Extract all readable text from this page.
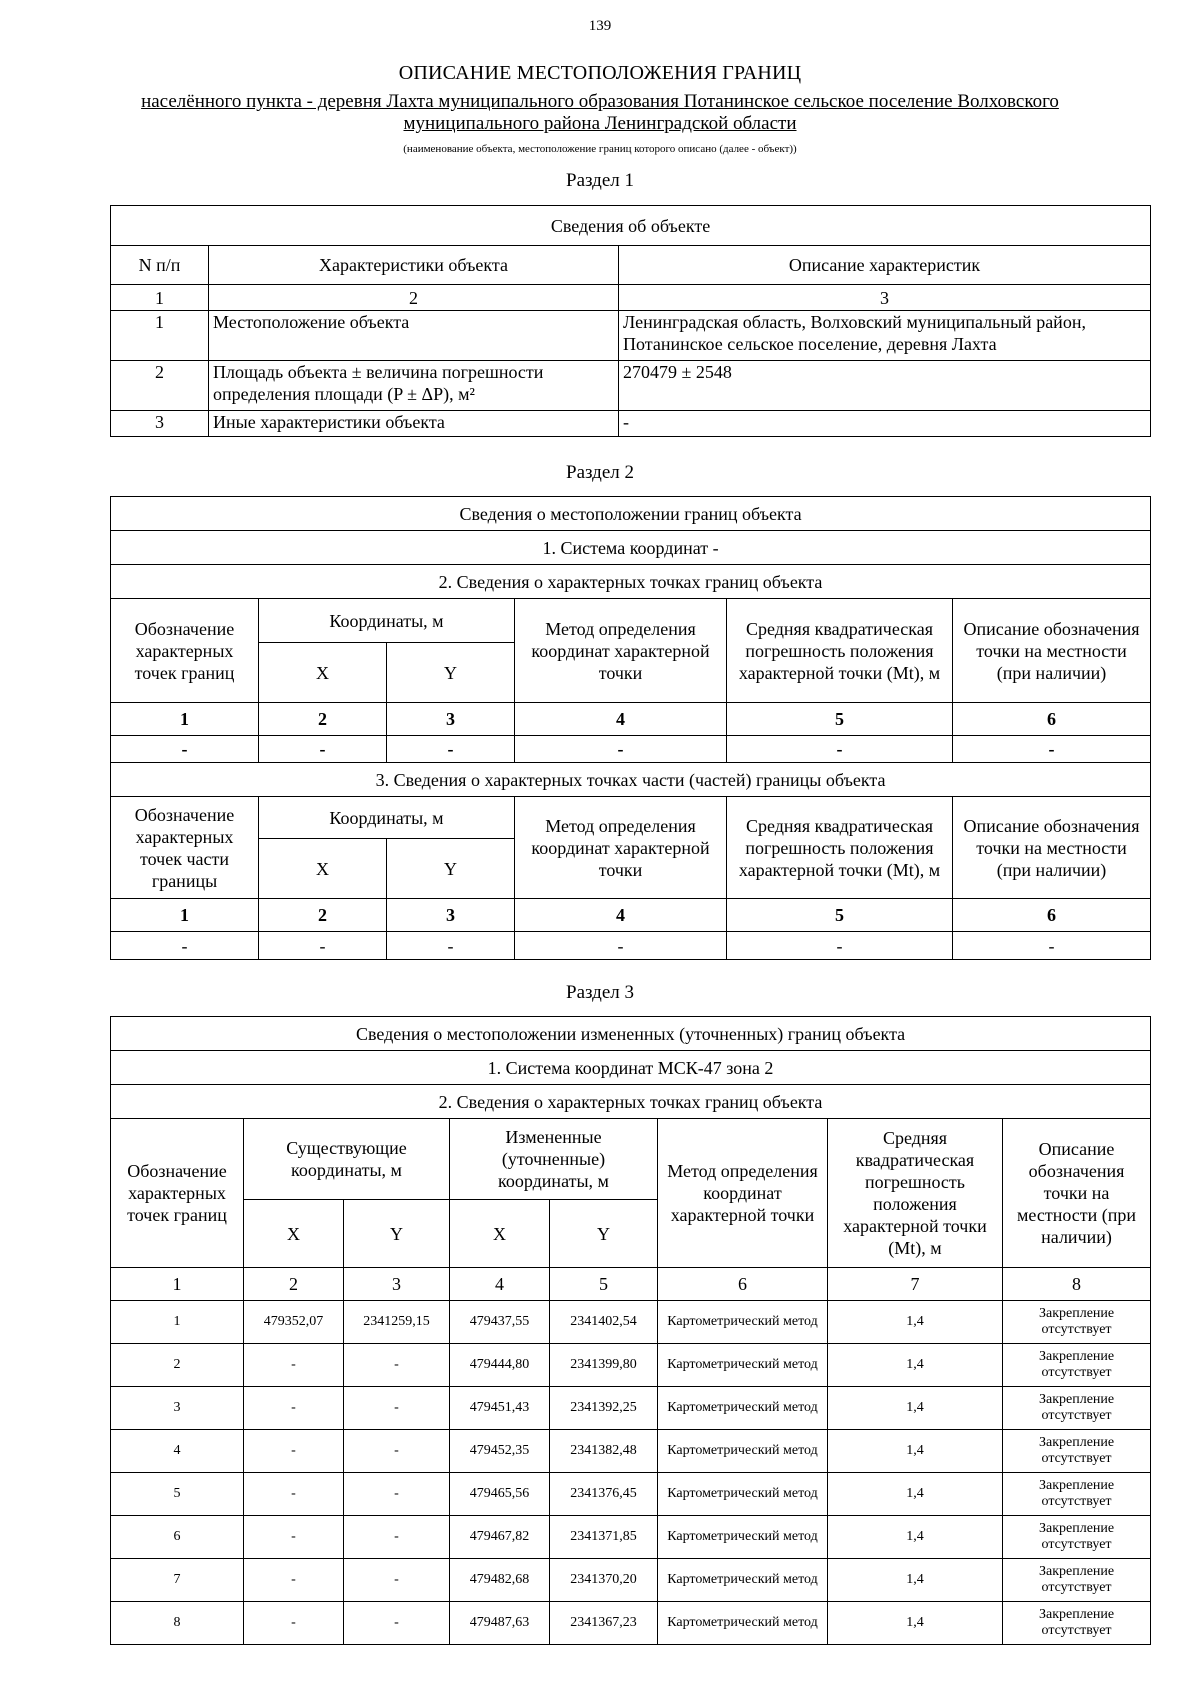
139
ОПИСАНИЕ МЕСТОПОЛОЖЕНИЯ ГРАНИЦ
населённого пункта - деревня Лахта муниципального образования Потанинское сельское поселение Волховского муниципального района Ленинградской области
(наименование объекта, местоположение границ которого описано (далее - объект))
Раздел 1
Сведения об объекте		
N п/п	Характеристики объекта	Описание характеристик
1	2	3
1	Местоположение объекта	Ленинградская область, Волховский муниципальный район, Потанинское сельское поселение, деревня Лахта
2	Площадь объекта ± величина погрешности определения площади (P ± ΔP), м²	270479 ± 2548
3	Иные характеристики объекта	-
Раздел 2
Сведения о местоположении границ объекта					
1. Система координат -					
2. Сведения о характерных точках границ объекта					
Обозначение характерных точек границ	Координаты, м		Метод определения координат характерной точки	Средняя квадратическая погрешность положения характерной точки (Mt), м	Описание обозначения точки на местности (при наличии)
	X	Y			
1	2	3	4	5	6
-	-	-	-	-	-
3. Сведения о характерных точках части (частей) границы объекта					
Обозначение характерных точек части границы	Координаты, м		Метод определения координат характерной точки	Средняя квадратическая погрешность положения характерной точки (Mt), м	Описание обозначения точки на местности (при наличии)
	X	Y			
1	2	3	4	5	6
-	-	-	-	-	-
Раздел 3
Сведения о местоположении измененных (уточненных) границ объекта							
1. Система координат МСК-47 зона 2							
2. Сведения о характерных точках границ объекта							
Обозначение характерных точек границ	Существующие координаты, м		Измененные (уточненные) координаты, м		Метод определения координат характерной точки	Средняя квадратическая погрешность положения характерной точки (Mt), м	Описание обозначения точки на местности (при наличии)
	X	Y	X	Y			
1	2	3	4	5	6	7	8
1	479352,07	2341259,15	479437,55	2341402,54	Картометрический метод	1,4	Закрепление отсутствует
2	-	-	479444,80	2341399,80	Картометрический метод	1,4	Закрепление отсутствует
3	-	-	479451,43	2341392,25	Картометрический метод	1,4	Закрепление отсутствует
4	-	-	479452,35	2341382,48	Картометрический метод	1,4	Закрепление отсутствует
5	-	-	479465,56	2341376,45	Картометрический метод	1,4	Закрепление отсутствует
6	-	-	479467,82	2341371,85	Картометрический метод	1,4	Закрепление отсутствует
7	-	-	479482,68	2341370,20	Картометрический метод	1,4	Закрепление отсутствует
8	-	-	479487,63	2341367,23	Картометрический метод	1,4	Закрепление отсутствует
